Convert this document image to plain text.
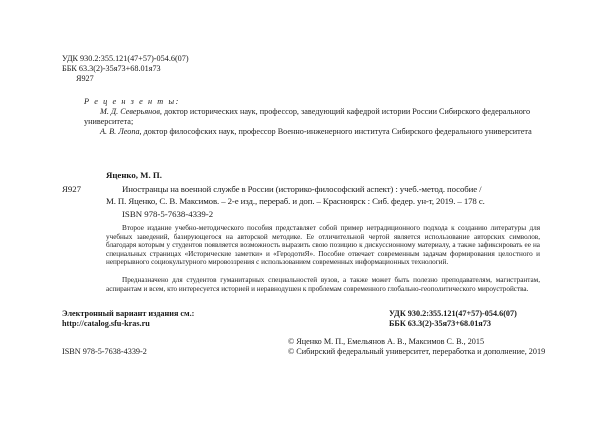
УДК 930.2:355.121(47+57)-054.6(07)
ББК 63.3(2)-35я73+68.01я73
Я927
Р е ц е н з е н т ы:
М. Д. Северьянов, доктор исторических наук, профессор, заведующий кафедрой истории России Сибирского федерального университета;
А. В. Леопа, доктор философских наук, профессор Военно-инженерного института Сибирского федерального университета
Яценко, М. П.
Я927	Иностранцы на военной службе в России (историко-философский аспект) : учеб.-метод. пособие /
М. П. Яценко, С. В. Максимов. – 2-е изд., перераб. и доп. – Красноярск : Сиб. федер. ун-т, 2019. – 178 с.
ISBN 978-5-7638-4339-2
Второе издание учебно-методического пособия представляет собой пример нетрадиционного подхода к созданию литературы для учебных заведений, базирующегося на авторской методике. Ее отличительной чертой является использование авторских символов, благодаря которым у студентов появляется возможность выразить свою позицию к дискуссионному материалу, а также зафиксировать ее на специальных страницах «Исторические заметки» и «ГеродотиЯ». Пособие отвечает современным задачам формирования целостного и непрерывного социокультурного мировоззрения с использованием современных информационных технологий.
Предназначено для студентов гуманитарных специальностей вузов, а также может быть полезно преподавателям, магистрантам, аспирантам и всем, кто интересуется историей и неравнодушен к проблемам современного глобально-геополитического мироустройства.
Электронный вариант издания см.:
http://catalog.sfu-kras.ru
УДК 930.2:355.121(47+57)-054.6(07)
ББК 63.3(2)-35я73+68.01я73
© Яценко М. П., Емельянов А. В., Максимов С. В., 2015
ISBN 978-5-7638-4339-2	© Сибирский федеральный университет, переработка и дополнение, 2019
